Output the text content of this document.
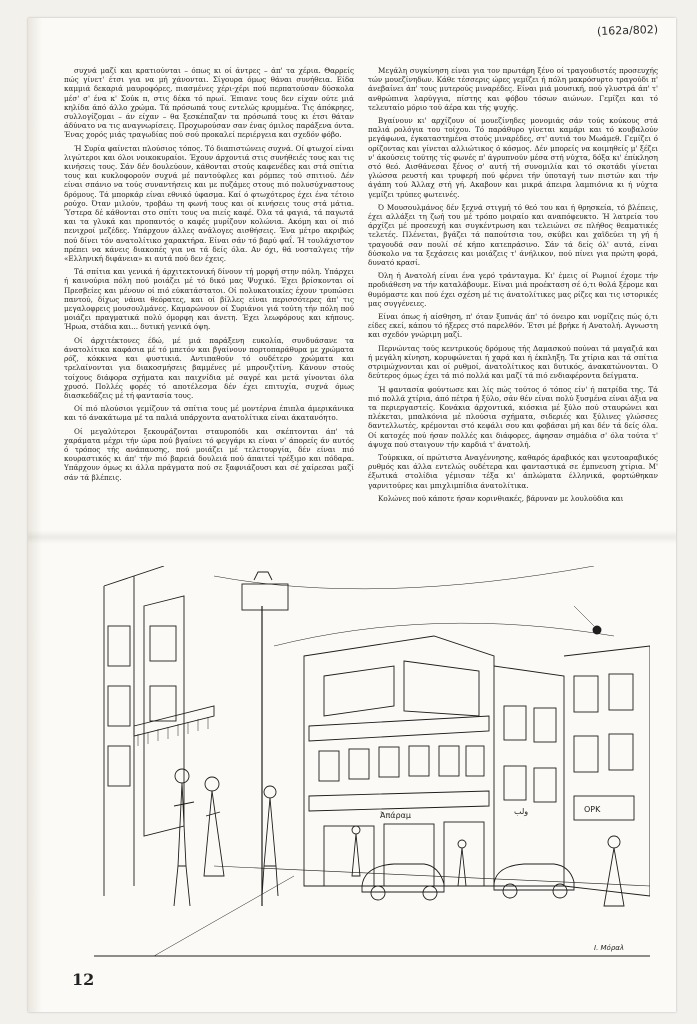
(162a/802)

συχνά μαζί και κρατιούνται – όπως κι οί άντρες – άπ' τα χέρια. Θαρρείς πώς γίνετ' έτσι για να μή χάνονται. Σίγουρα όμως θάναι συνήθεια. Είδα καμμιά δεκαριά μαυροφόρες, πιασμένες χέρι-χέρι πού περπατούσαν δύσκολα μέσ' σ' ένα κ' Σούκ π, στις δέκα τό πρωί. Έπιανε τους δεν είχαν ούτε μιά κηλίδα άπό άλλο χρώμα. Τά πρόσωπά τους εντελώς κρυμμένα. Τις άπόκρηες, συλλογίζομαι – άν είχαν – θα ξεσκέπαζαν τα πρόσωπά τους κι έτσι θάταν άδύνατο να τις αναγνωρίσεις. Προχωρούσαν σαν ένας όμιλος παράξενα όντα. Ένας χορός μιάς τραγωδίας πού σού προκαλεί περιέργεια και σχεδόν φόβο.

Ή Συρία φαίνεται πλούσιος τόπος. Τό διαπιστώνεις συχνά. Οί φτωχοί είναι λιγώτεροι και όλοι νοικοκυραίοι. Έχουν άρχοντιά στις συνήθειές τους και τις κινήσεις τους. Σάν δέν δουλεύουν, κάθονται στούς καφενέδες και στά σπίτια τους και κυκλοφορούν συχνά μέ παντούφλες και ρόμπες τού σπιτιού. Δέν είναι σπάνιο να τούς συναντήσεις και με πυζάμες στους πιό πολυσύχναστους δρόμους. Τά μπορκάρ είναι εθνικό ύφασμα. Καί ό φτωχότερος έχει ένα τέτοιο ρούχο. Όταν μιλούν, τροβάω τη φωνή τους και οί κινήσεις τους στά μάτια. Ύστερα δέ κάθονται στο σπίτι τους να πιείς καφέ. Όλα τά φαγιά, τά παγωτά και τα γλυκά και προπαντός ο καφές μυρίζουν κολώνια. Ακόμη και οί πιό πενιχροί μεζέδες. Υπάρχουν άλλες ανάλογες αισθήσεις. Ένα μέτρο ακριβώς πού δίνει τόν ανατολίτικο χαρακτήρα. Είναι σάν τό βαρύ φαΐ. Ή τουλάχιστον πρέπει να κάνεις διακοπές για να τά δείς όλα. Αν όχι, θά νοσταλγεις τήν «Ελληνική διφάνεια» κι αυτά πού δεν έχεις.

Τά σπίτια και γενικά ή άρχιτεκτονική δίνουν τή μορφή στην πόλη. Υπάρχει ή καινούρια πόλη πού μοιάζει μέ τό δικό μας Ψυχικό. Έχει βρίσκονται οί Πρεσβείες και μένουν οί πιό εύκατάστατοι. Οί πολυκατοικίες έχουν τρυπώσει παντού, δίχως νάναι θεόρατες, και οί βίλλες είναι περισσότερες άπ' τις μεγαλοφρεις μουσουλμάνες. Καμαρώνουν οί Συριάνοι γιά τούτη τήν πόλη πού μοιάζει πραγματικά πολύ όμορφη και άνετη. Έχει λεωφόρους και κήπους. Ήρωα, στάδια και... δυτική γενικά όψη.

Οί άρχιτέκτονες έδώ, μέ μιά παράξενη ευκολία, συνδυάσανε τα άνατολίτικα καφάσια μέ τό μπετόν και βγαίνουν πορτοπαράθυρα με χρώματα ρόζ, κόκκινα και φυστικιά. Αντιπαθούν τό ουδέτερο χρώματα και τρελαίνονται για διακοσμήσεις βαμμένες μέ μπρονζιτίνη. Κάνουν στούς τοίχους διάφορα σχήματα και παιχνίδια μέ σαγρέ και μετά γίνονται όλα χρυσό. Πολλές φορές τό αποτέλεσμα δέν έχει επιτυχία, συχνά όμως διασκεδάζεις μέ τή φαντασία τους.

Οί πιό πλούσιοι γεμίζουν τά σπίτια τους μέ μοντέρνα έπιπλα άμερικάνικα και τό άνακάτωμα μέ τα παλιά υπάρχοντα ανατολίτικα είναι άκατανόητο.

Οί μεγαλύτεροι ξεκουράζονται σταυροπόδι και σκέπτονται άπ' τά χαράματα μέχρι τήν ώρα πού βγαίνει τό φεγγάρι κι είναι ν' άπορείς άν αυτός ό τρόπος τής ανάπαυσης, πού μοιάζει μέ τελετουργία, δέν είναι πιό κουραστικός κι άπ' τήν πιό βαρειά δουλειά πού άπαιτεί τρέξιμο και πόδαρα. Υπάρχουν όμως κι άλλα πράγματα πού σε ξαφνιάζουσι και σέ χαίρεσαι μαζί σάν τά βλέπεις.

Μεγάλη συγκίνηση είναι για τον πρωτάρη ξένο οί τραγουδιστές προσευχής τών μουεζίνηδων. Κάθε τέσσερις ώρες γεμίζει ή πόλη μακρόσυρτο τραγούδι π' άνεβαίνει άπ' τους μυτερούς μιναρέδες. Είναι μιά μουσική, πού γλυστρά άπ' τ' ανθρώπινα λαρύγγια, πίστης και φόβου τόσων αιώνων. Γεμίζει και τό τελευταίο μόριο τού άέρα και τής ψυχής.

Βγαίνουν κι' αρχίζουν οί μουεζίνηδες μονομιάς σάν τούς κούκους στά παλιά ρολόγια του τοίχου. Τό παράθυρο γίνεται καμάρι και τό κουβαλούν μεγάφωνα, έγκαταστημένα στούς μιναρέδες, στ' αυτιά του Μωάμεθ. Γεμίζει ό ορίζοντας και γίνεται αλλιώτικος ό κόσμος. Δέν μπορείς να κοιμηθείς μ' ξέζει ν' άκούσεις τούτης τίς φωνές π' άγρυπνούν μέσα στή νύχτα, δόξα κι' έπίκληση στό θεό. Αισθάνεσαι ξένος σ' αυτή τή συνομιλία και τό σκοτάδι γίνεται γλώσσα ρευστή και τρυφερή πού φέρνει τήν ύποταγή των πιστών και τήν άγάπη τού Άλλαχ στή γή. Ακαβουν και μικρά άπειρα λαμπιόνια κι ή νύχτα γεμίζει τρύπες φωτεινές.

Ό Μουσουλμάνος δέν ξεχνά στιγμή τό θεό του και ή θρησκεία, τό βλέπεις, έχει αλλάξει τη ζωή του μέ τρόπο μοιραίο και αναπόφευκτο. Ή λατρεία του άρχίζει μέ προσευχή και συγκέντρωση και τελειώνει σε πλήθος θεαματικές τελετές. Πλένεται, βγάζει τά παπούτσια του, σκύβει και χαϊδεύει τη γή ή τραγουδά σαν πουλί σέ κήπο κατεπράσινο. Σάν τά δείς όλ' αυτά, είναι δύσκολο να τα ξεχάσεις και μοιάζεις τ' άνήλικον, πού πίνει για πρώτη φορά, δυνατό κρασί.

Όλη ή Ανατολή είναι ένα γερό τράνταγμα. Κι' έμεις οί Ρωμιοί έχομε τήν προδιάθεση να τήν καταλάβουμε. Είναι μιά προέκταση σέ ό,τι θολά ξέρομε και θυμόμαστε και πού έχει σχέση μέ τις άνατολίτικες μας ρίζες και τις ιστορικές μας συγγένειες.

Είναι όπως ή αίσθηση, π' όταν ξυπνάς άπ' τό όνειρο και νομίζεις πώς ό,τι είδες εκεί, κάπου τό ήξερες στό παρελθόν. Έτσι μέ βρήκε ή Ανατολή. Αγνωστη και σχεδόν γνώριμη μαζί.

Περνώντας τούς κεντρικούς δρόμους τής Δαμασκού πούναι τά μαγαζιά και ή μεγάλη κίνηση, κορυφώνεται ή χαρά και ή έκπληξη. Τα χτίρια και τά σπίτια στριμώχνονται και οί ρυθμοί, άνατολίτικος και δυτικός, άνακατώνονται. Ό δεύτερος όμως έχει τά πιό πολλά και μαζί τά πιό ενδιαφέροντα δείγματα.

Ή φαντασία φούντωσε και λίς πώς τούτος ό τόπος είν' ή πατρίδα της. Τά πιό πολλά χτίρια, άπό πέτρα ή ξύλο, σάν θέν είναι πολύ ξυσμένα είναι άξια να τα περιεργαστείς. Κονάκια άρχοντικά, κιόσκια μέ ξύλο πού σταυρώνει και πλέκεται, μπαλκόνια μέ πλούσια σχήματα, σιδεριές και ξύλινες γλώσσες δαντελλωτές, κρέμονται στό κεφάλι σου και φοβάσαι μή και δέν τά δείς όλα. Οί κατοχές πού ήσαν πολλές και διάφορες, άφησαν σημάδια σ' όλα τούτα τ' άψυχα πού σταιγουν τήν καρδιά τ' άνατολή.

Τούρκικα, οί πρώτιστα Αναγέννησης, καθαρός άραβικός και ψευτοαραβικός ρυθμός και άλλα εντελώς ουδέτερα και φανταστικά σε έμπνευση χτίρια. Μ' έξωτικά στολίδια γέμισαν τέξα κι' άπλώματα έλληνικά, φορτώθηκαν γαρνιτούρες και μπιχλιμπίδια άνατολίτικα.

Κολώνες πού κάποτε ήσαν κορινθιακές, βάρυναν με λουλούδια και

Ἀπάραμ	ولب	OPK
Ι. Μόραλ
12
